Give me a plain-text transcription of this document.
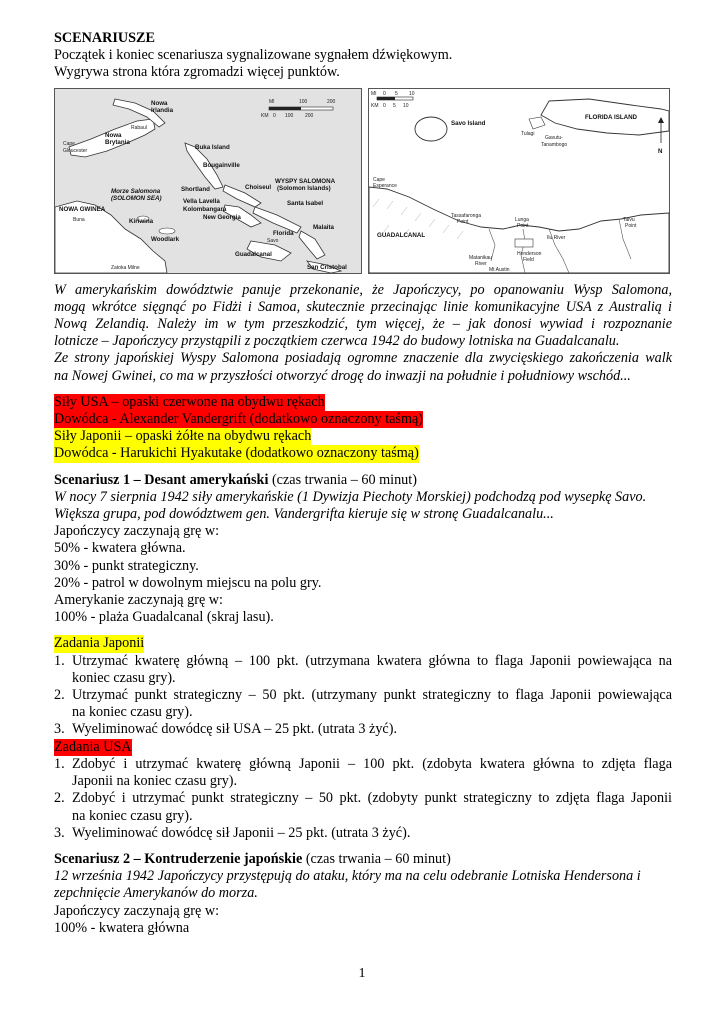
SCENARIUSZE
Początek i koniec scenariusza sygnalizowane sygnałem dźwiękowym.
Wygrywa strona która zgromadzi więcej punktów.
Nowa
Irlandia
Rabaul
Nowa
Brytania
Cape
Gloucester	Buka Island
Bougainville
Shortland	Choiseul
WYSPY SALOMONA
(Solomon Islands)
Morze Salomona
(SOLOMON SEA)
NOWA GWINEA
Buna	Kiriwina
Vella Lavella
Kolombangara
New Georgia
Santa Isabel
Malaita
Woodlark
Florida
Savo
Guadalcanal
Zatoka Milne	San Cristobal
MI	100	200
KM 0 100 200
MI 0 5 10
KM 0 5 10
Savo Island
FLORIDA ISLAND
Tulagi
Gavutu-
Tanambogo
Cape
Esperance
Tassafaronga
Point	Lunga
Point
GUADALCANAL	Ilu River
Taivu
Point
Henderson
Field
Matanikau
River
Mt Austin
N
W amerykańskim dowództwie panuje przekonanie, że Japończycy, po opanowaniu Wysp Salomona,
mogą wkrótce sięgnąć po Fidżi i Samoa, skutecznie przecinając linie komunikacyjne USA z Australią i
Nową Zelandią. Należy im w tym przeszkodzić, tym więcej, że – jak donosi wywiad i rozpoznanie
lotnicze – Japończycy przystąpili z początkiem czerwca 1942 do budowy lotniska na Guadalcanalu.
Ze strony japońskiej Wyspy Salomona posiadają ogromne znaczenie dla zwycięskiego zakończenia walk
na Nowej Gwinei, co ma w przyszłości otworzyć drogę do inwazji na południe i południowy wschód...
Siły USA – opaski czerwone na obydwu rękach
Dowódca - Alexander Vandergrift (dodatkowo oznaczony taśmą)
Siły Japonii – opaski żółte na obydwu rękach
Dowódca - Harukichi Hyakutake (dodatkowo oznaczony taśmą)
Scenariusz 1 – Desant amerykański (czas trwania – 60 minut)
W nocy 7 sierpnia 1942 siły amerykańskie (1 Dywizja Piechoty Morskiej) podchodzą pod wysepkę Savo.
Większa grupa, pod dowództwem gen. Vandergrifta kieruje się w stronę Guadalcanalu...
Japończycy zaczynają grę w:
50% - kwatera główna.
30% - punkt strategiczny.
20% - patrol w dowolnym miejscu na polu gry.
Amerykanie zaczynają grę w:
100% - plaża Guadalcanal (skraj lasu).
Zadania Japonii
1. Utrzymać kwaterę główną – 100 pkt. (utrzymana kwatera główna to flaga Japonii powiewająca na
koniec czasu gry).
2. Utrzymać punkt strategiczny – 50 pkt. (utrzymany punkt strategiczny to flaga Japonii powiewająca
na koniec czasu gry).
3. Wyeliminować dowódcę sił USA – 25 pkt. (utrata 3 żyć).
Zadania USA
1. Zdobyć i utrzymać kwaterę główną Japonii – 100 pkt. (zdobyta kwatera główna to zdjęta flaga
Japonii na koniec czasu gry).
2. Zdobyć i utrzymać punkt strategiczny – 50 pkt. (zdobyty punkt strategiczny to zdjęta flaga Japonii
na koniec czasu gry).
3. Wyeliminować dowódcę sił Japonii – 25 pkt. (utrata 3 żyć).
Scenariusz 2 – Kontruderzenie japońskie (czas trwania – 60 minut)
12 września 1942 Japończycy przystępują do ataku, który ma na celu odebranie Lotniska Hendersona i
zepchnięcie Amerykanów do morza.
Japończycy zaczynają grę w:
100% - kwatera główna
1
